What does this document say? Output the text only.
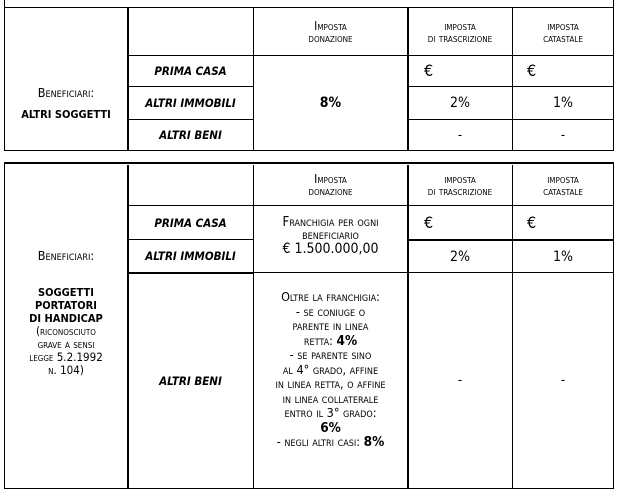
Imposta
donazione
imposta
di trascrizione
imposta
catastale
Beneficiari:
ALTRI SOGGETTI
PRIMA CASA
ALTRI IMMOBILI
ALTRI BENI
8%
€
2%
-
€
1%
-
Imposta
donazione
imposta
di trascrizione
imposta
catastale
Beneficiari:
SOGGETTI
PORTATORI
DI HANDICAP
(riconosciuto
grave a sensi
legge 5.2.1992
n. 104)
PRIMA CASA
ALTRI IMMOBILI
ALTRI BENI
Franchigia per ogni
beneficiario
€ 1.500.000,00
Oltre la franchigia:
- se coniuge o
parente in linea
retta: 4%
- se parente sino
al 4° grado, affine
in linea retta, o affine
in linea collaterale
entro il 3° grado:
6%
- negli altri casi: 8%
€
2%
-
€
1%
-
